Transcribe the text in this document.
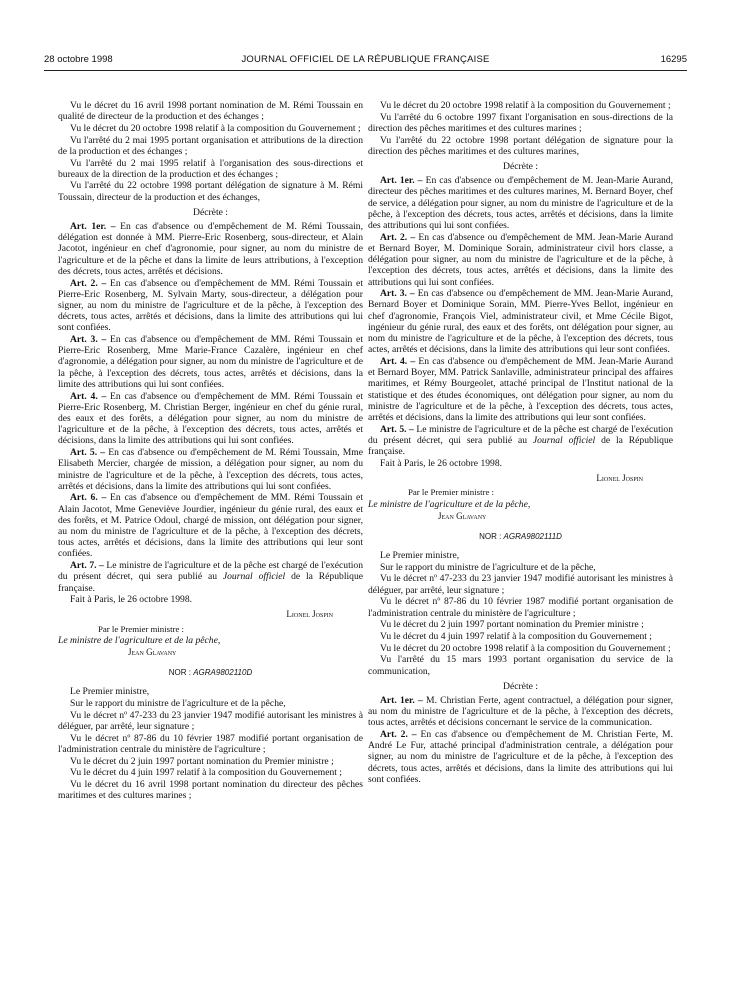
28 octobre 1998	JOURNAL OFFICIEL DE LA RÉPUBLIQUE FRANÇAISE	16295

Vu le décret du 16 avril 1998 portant nomination de M. Rémi Toussain en qualité de directeur de la production et des échanges ;

Vu le décret du 20 octobre 1998 relatif à la composition du Gouvernement ;

Vu l'arrêté du 2 mai 1995 portant organisation et attributions de la direction de la production et des échanges ;

Vu l'arrêté du 2 mai 1995 relatif à l'organisation des sous-directions et bureaux de la direction de la production et des échanges ;

Vu l'arrêté du 22 octobre 1998 portant délégation de signature à M. Rémi Toussain, directeur de la production et des échanges,

Décrète :

Art. 1er. – En cas d'absence ou d'empêchement de M. Rémi Toussain, délégation est donnée à MM. Pierre-Eric Rosenberg, sous-directeur, et Alain Jacotot, ingénieur en chef d'agronomie, pour signer, au nom du ministre de l'agriculture et de la pêche et dans la limite de leurs attributions, à l'exception des décrets, tous actes, arrêtés et décisions.

Art. 2. – En cas d'absence ou d'empêchement de MM. Rémi Toussain et Pierre-Eric Rosenberg, M. Sylvain Marty, sous-directeur, a délégation pour signer, au nom du ministre de l'agriculture et de la pêche, à l'exception des décrets, tous actes, arrêtés et décisions, dans la limite des attributions qui lui sont confiées.

Art. 3. – En cas d'absence ou d'empêchement de MM. Rémi Toussain et Pierre-Eric Rosenberg, Mme Marie-France Cazalère, ingénieur en chef d'agronomie, a délégation pour signer, au nom du ministre de l'agriculture et de la pêche, à l'exception des décrets, tous actes, arrêtés et décisions, dans la limite des attributions qui lui sont confiées.

Art. 4. – En cas d'absence ou d'empêchement de MM. Rémi Toussain et Pierre-Eric Rosenberg, M. Christian Berger, ingénieur en chef du génie rural, des eaux et des forêts, a délégation pour signer, au nom du ministre de l'agriculture et de la pêche, à l'exception des décrets, tous actes, arrêtés et décisions, dans la limite des attributions qui lui sont confiées.

Art. 5. – En cas d'absence ou d'empêchement de M. Rémi Toussain, Mme Elisabeth Mercier, chargée de mission, a délégation pour signer, au nom du ministre de l'agriculture et de la pêche, à l'exception des décrets, tous actes, arrêtés et décisions, dans la limite des attributions qui lui sont confiées.

Art. 6. – En cas d'absence ou d'empêchement de MM. Rémi Toussain et Alain Jacotot, Mme Geneviève Jourdier, ingénieur du génie rural, des eaux et des forêts, et M. Patrice Odoul, chargé de mission, ont délégation pour signer, au nom du ministre de l'agriculture et de la pêche, à l'exception des décrets, tous actes, arrêtés et décisions, dans la limite des attributions qui leur sont confiées.

Art. 7. – Le ministre de l'agriculture et de la pêche est chargé de l'exécution du présent décret, qui sera publié au Journal officiel de la République française.

Fait à Paris, le 26 octobre 1998.

Lionel Jospin

Par le Premier ministre :

Le ministre de l'agriculture et de la pêche,

Jean Glavany

NOR : AGRA9802110D

Le Premier ministre,

Sur le rapport du ministre de l'agriculture et de la pêche,

Vu le décret nº 47-233 du 23 janvier 1947 modifié autorisant les ministres à déléguer, par arrêté, leur signature ;

Vu le décret nº 87-86 du 10 février 1987 modifié portant organisation de l'administration centrale du ministère de l'agriculture ;

Vu le décret du 2 juin 1997 portant nomination du Premier ministre ;

Vu le décret du 4 juin 1997 relatif à la composition du Gouvernement ;

Vu le décret du 16 avril 1998 portant nomination du directeur des pêches maritimes et des cultures marines ;

Vu le décret du 20 octobre 1998 relatif à la composition du Gouvernement ;

Vu l'arrêté du 6 octobre 1997 fixant l'organisation en sous-directions de la direction des pêches maritimes et des cultures marines ;

Vu l'arrêté du 22 octobre 1998 portant délégation de signature pour la direction des pêches maritimes et des cultures marines,

Décrète :

Art. 1er. – En cas d'absence ou d'empêchement de M. Jean-Marie Aurand, directeur des pêches maritimes et des cultures marines, M. Bernard Boyer, chef de service, a délégation pour signer, au nom du ministre de l'agriculture et de la pêche, à l'exception des décrets, tous actes, arrêtés et décisions, dans la limite des attributions qui lui sont confiées.

Art. 2. – En cas d'absence ou d'empêchement de MM. Jean-Marie Aurand et Bernard Boyer, M. Dominique Sorain, administrateur civil hors classe, a délégation pour signer, au nom du ministre de l'agriculture et de la pêche, à l'exception des décrets, tous actes, arrêtés et décisions, dans la limite des attributions qui lui sont confiées.

Art. 3. – En cas d'absence ou d'empêchement de MM. Jean-Marie Aurand, Bernard Boyer et Dominique Sorain, MM. Pierre-Yves Bellot, ingénieur en chef d'agronomie, François Viel, administrateur civil, et Mme Cécile Bigot, ingénieur du génie rural, des eaux et des forêts, ont délégation pour signer, au nom du ministre de l'agriculture et de la pêche, à l'exception des décrets, tous actes, arrêtés et décisions, dans la limite des attributions qui leur sont confiées.

Art. 4. – En cas d'absence ou d'empêchement de MM. Jean-Marie Aurand et Bernard Boyer, MM. Patrick Sanlaville, administrateur principal des affaires maritimes, et Rémy Bourgeolet, attaché principal de l'Institut national de la statistique et des études économiques, ont délégation pour signer, au nom du ministre de l'agriculture et de la pêche, à l'exception des décrets, tous actes, arrêtés et décisions, dans la limite des attributions qui leur sont confiées.

Art. 5. – Le ministre de l'agriculture et de la pêche est chargé de l'exécution du présent décret, qui sera publié au Journal officiel de la République française.

Fait à Paris, le 26 octobre 1998.

Lionel Jospin

Par le Premier ministre :

Le ministre de l'agriculture et de la pêche,

Jean Glavany

NOR : AGRA9802111D

Le Premier ministre,

Sur le rapport du ministre de l'agriculture et de la pêche,

Vu le décret nº 47-233 du 23 janvier 1947 modifié autorisant les ministres à déléguer, par arrêté, leur signature ;

Vu le décret nº 87-86 du 10 février 1987 modifié portant organisation de l'administration centrale du ministère de l'agriculture ;

Vu le décret du 2 juin 1997 portant nomination du Premier ministre ;

Vu le décret du 4 juin 1997 relatif à la composition du Gouvernement ;

Vu le décret du 20 octobre 1998 relatif à la composition du Gouvernement ;

Vu l'arrêté du 15 mars 1993 portant organisation du service de la communication,

Décrète :

Art. 1er. – M. Christian Ferte, agent contractuel, a délégation pour signer, au nom du ministre de l'agriculture et de la pêche, à l'exception des décrets, tous actes, arrêtés et décisions concernant le service de la communication.

Art. 2. – En cas d'absence ou d'empêchement de M. Christian Ferte, M. André Le Fur, attaché principal d'administration centrale, a délégation pour signer, au nom du ministre de l'agriculture et de la pêche, à l'exception des décrets, tous actes, arrêtés et décisions, dans la limite des attributions qui lui sont confiées.
